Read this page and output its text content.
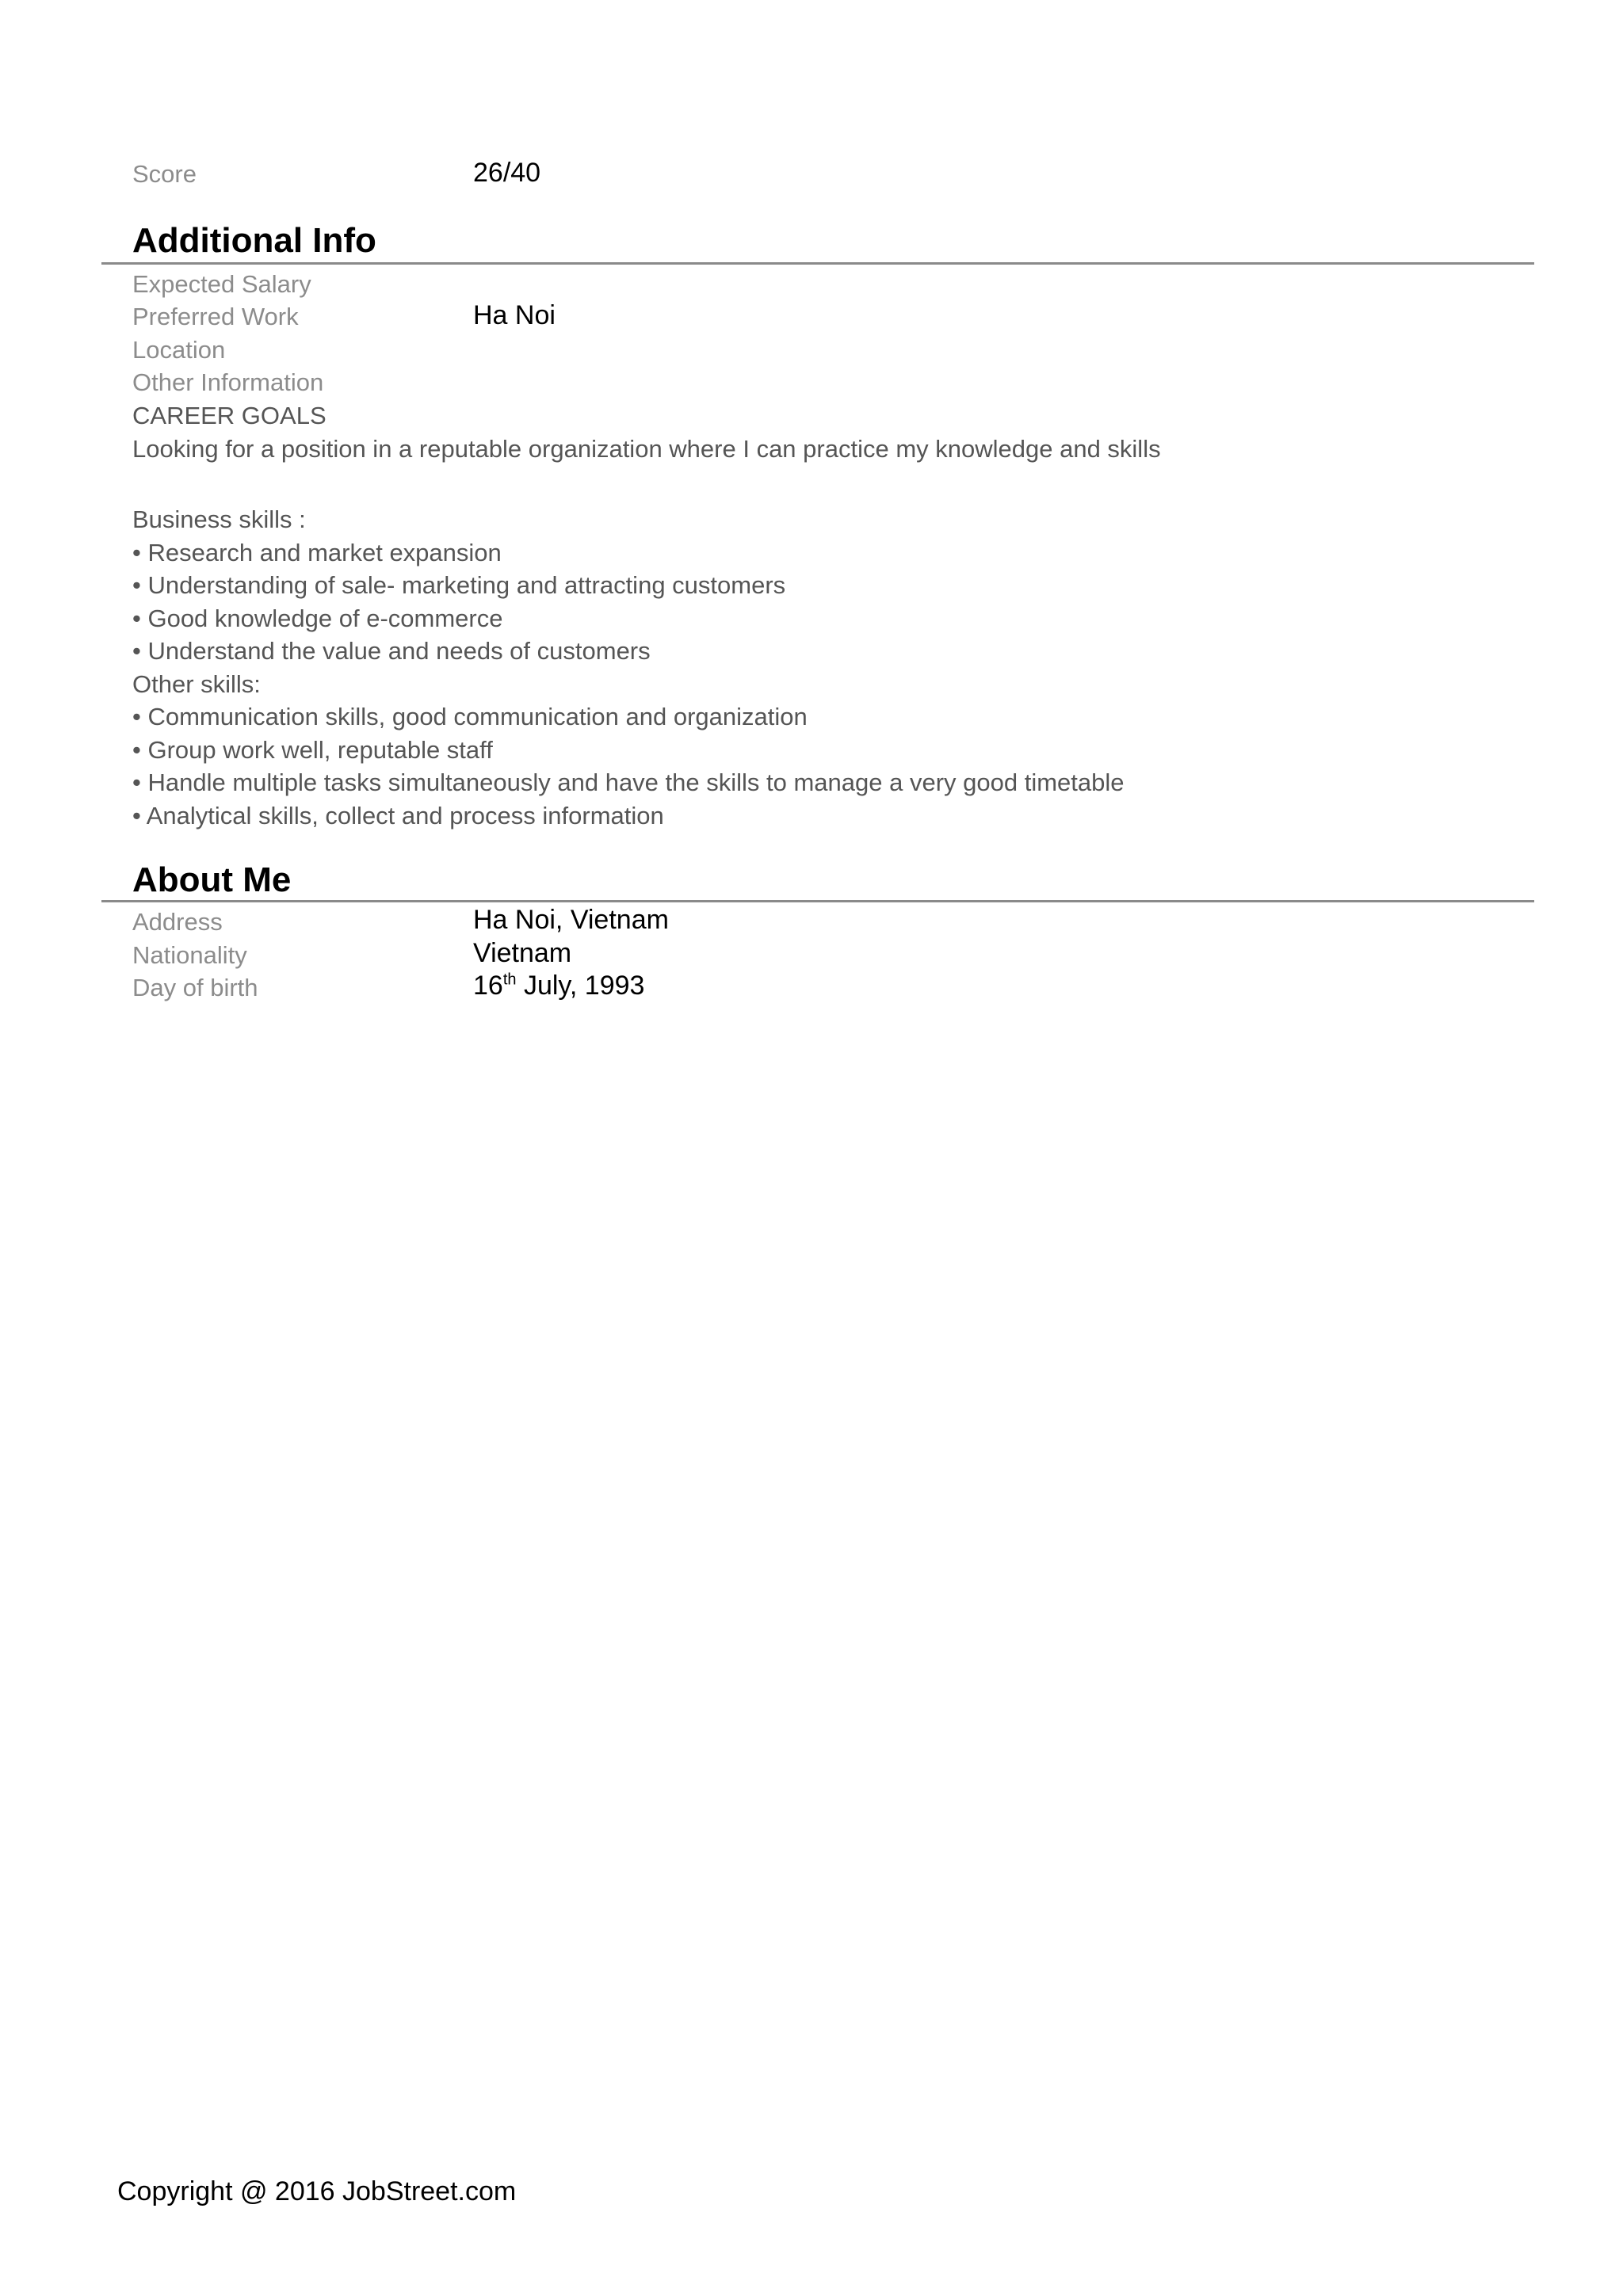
Score	26/40
Additional Info
Expected Salary
Preferred Work	Ha Noi
Location
Other Information
CAREER GOALS
Looking for a position in a reputable organization where I can practice my knowledge and skills
Business skills :
• Research and market expansion
• Understanding of sale- marketing and attracting customers
• Good knowledge of e-commerce
• Understand the value and needs of customers
Other skills:
• Communication skills, good communication and organization
• Group work well, reputable staff
• Handle multiple tasks simultaneously and have the skills to manage a very good timetable
• Analytical skills, collect and process information
About Me
Address	Ha Noi, Vietnam
Nationality	Vietnam
Day of birth	16th July, 1993
Copyright @ 2016 JobStreet.com
